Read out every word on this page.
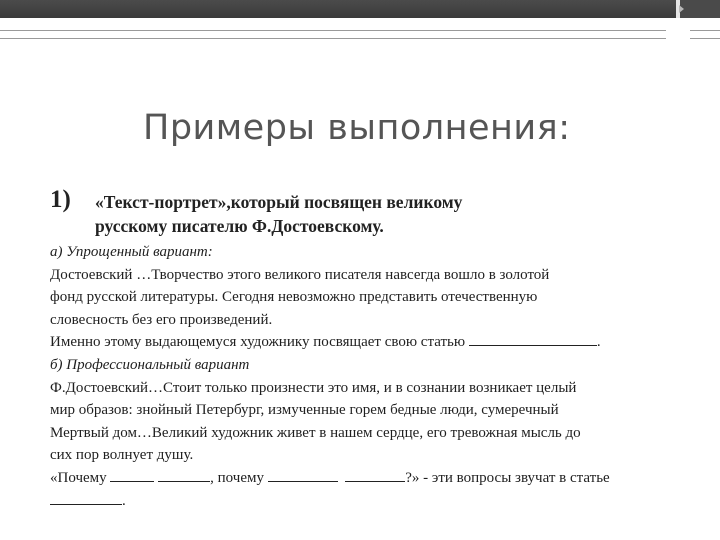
Примеры выполнения:
1) «Текст-портрет»,который посвящен великому
русскому писателю Ф.Достоевскому.
а) Упрощенный вариант:
Достоевский …Творчество этого великого писателя навсегда вошло в золотой
фонд русской литературы. Сегодня невозможно представить отечественную
словесность без его произведений.
Именно этому выдающемуся художнику посвящает свою статью	.
б) Профессиональный вариант
Ф.Достоевский…Стоит только произнести это имя, и в сознании возникает целый
мир образов: знойный Петербург, измученные горем бедные люди, сумеречный
Мертвый дом…Великий художник живет в нашем сердце, его тревожная мысль до
сих пор волнует душу.
«Почему	, почему	?» - эти вопросы звучат в статье
.
